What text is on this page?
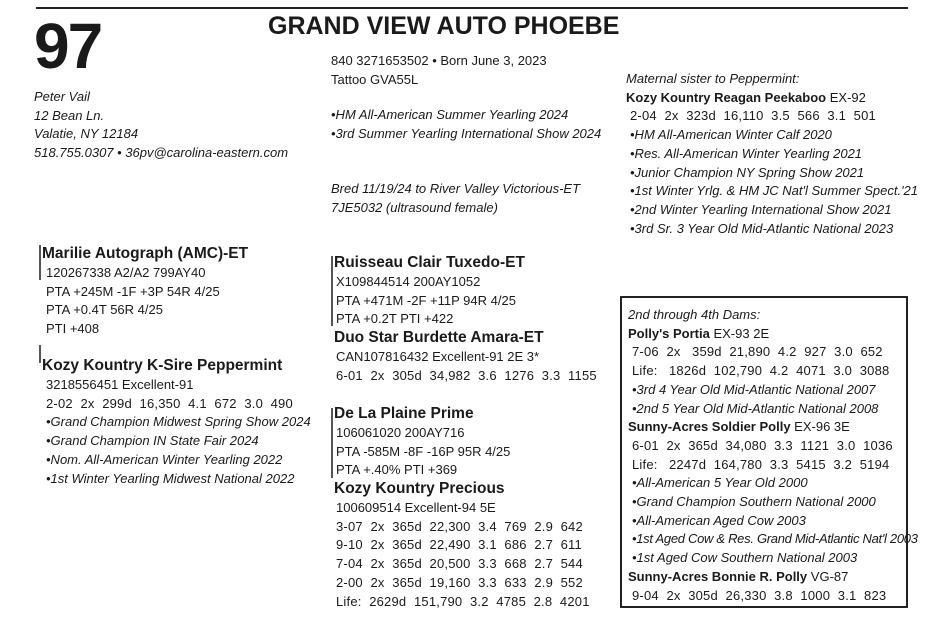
97	GRAND VIEW AUTO PHOEBE
Peter Vail
12 Bean Ln.
Valatie, NY 12184
518.755.0307 • 36pv@carolina-eastern.com
840 3271653502 • Born June 3, 2023
Tattoo GVA55L
•HM All-American Summer Yearling 2024
•3rd Summer Yearling International Show 2024
Bred 11/19/24 to River Valley Victorious-ET
7JE5032 (ultrasound female)
Maternal sister to Peppermint:
Kozy Kountry Reagan Peekaboo EX-92
2-04  2x  323d  16,110  3.5  566  3.1  501
•HM All-American Winter Calf 2020
•Res. All-American Winter Yearling 2021
•Junior Champion NY Spring Show 2021
•1st Winter Yrlg. & HM JC Nat'l Summer Spect.'21
•2nd Winter Yearling International Show 2021
•3rd Sr. 3 Year Old Mid-Atlantic National 2023
Marilie Autograph (AMC)-ET
120267338 A2/A2 799AY40
PTA +245M -1F +3P 54R 4/25
PTA +0.4T 56R 4/25
PTI +408
Kozy Kountry K-Sire Peppermint
3218556451 Excellent-91
2-02  2x  299d  16,350  4.1  672  3.0  490
•Grand Champion Midwest Spring Show 2024
•Grand Champion IN State Fair 2024
•Nom. All-American Winter Yearling 2022
•1st Winter Yearling Midwest National 2022
Ruisseau Clair Tuxedo-ET
X109844514 200AY1052
PTA +471M -2F +11P 94R 4/25
PTA +0.2T PTI +422
Duo Star Burdette Amara-ET
CAN107816432 Excellent-91 2E 3*
6-01  2x  305d  34,982  3.6  1276  3.3  1155
De La Plaine Prime
106061020 200AY716
PTA -585M -8F -16P 95R 4/25
PTA +.40% PTI +369
Kozy Kountry Precious
100609514 Excellent-94 5E
3-07  2x  365d  22,300  3.4  769  2.9  642
9-10  2x  365d  22,490  3.1  686  2.7  611
7-04  2x  365d  20,500  3.3  668  2.7  544
2-00  2x  365d  19,160  3.3  633  2.9  552
Life:  2629d  151,790  3.2  4785  2.8  4201
2nd through 4th Dams:
Polly's Portia EX-93 2E
7-06  2x   359d  21,890  4.2  927  3.0  652
Life:   1826d  102,790  4.2  4071  3.0  3088
•3rd 4 Year Old Mid-Atlantic National 2007
•2nd 5 Year Old Mid-Atlantic National 2008
Sunny-Acres Soldier Polly EX-96 3E
6-01  2x  365d  34,080  3.3  1121  3.0  1036
Life:   2247d  164,780  3.3  5415  3.2  5194
•All-American 5 Year Old 2000
•Grand Champion Southern National 2000
•All-American Aged Cow 2003
•1st Aged Cow & Res. Grand Mid-Atlantic Nat'l 2003
•1st Aged Cow Southern National 2003
Sunny-Acres Bonnie R. Polly VG-87
9-04  2x  305d  26,330  3.8  1000  3.1  823
